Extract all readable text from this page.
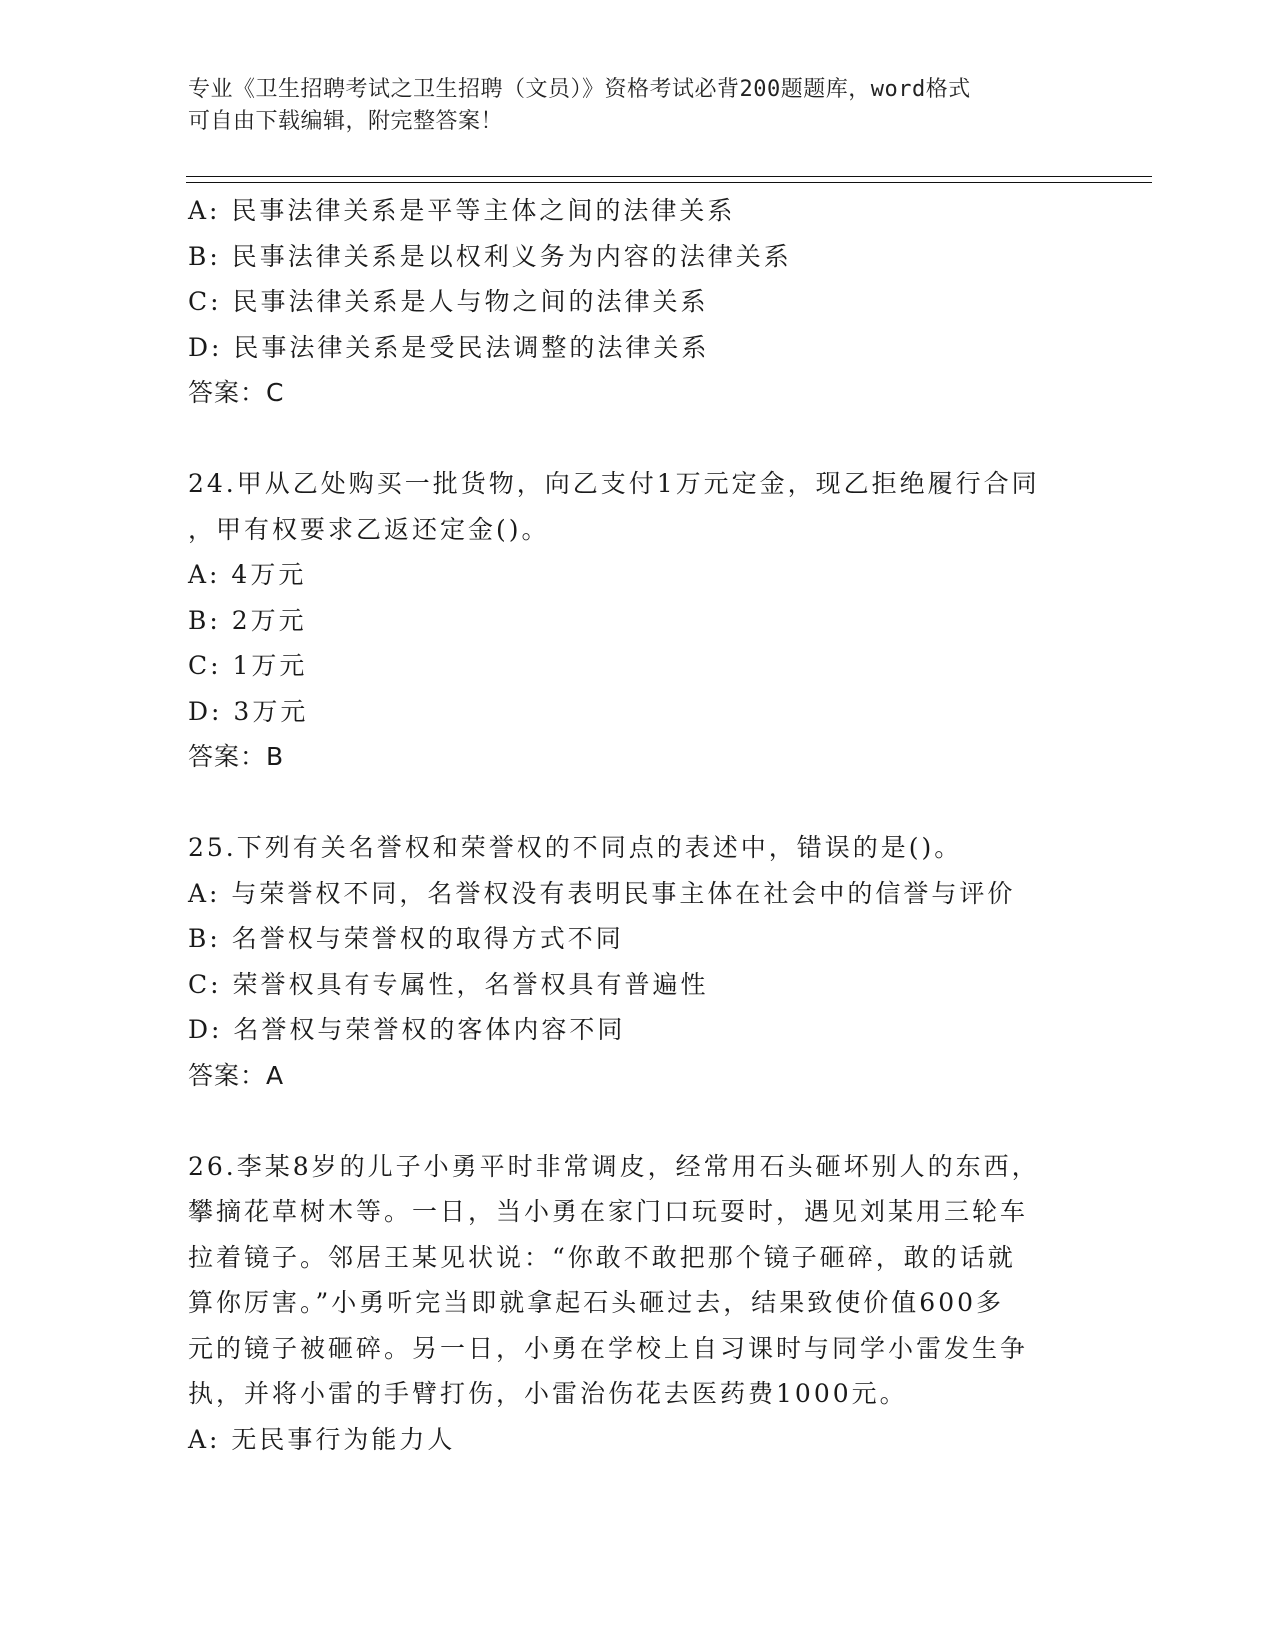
专业《卫生招聘考试之卫生招聘（文员）》资格考试必背200题题库，word格式

可自由下载编辑，附完整答案！

A: 民事法律关系是平等主体之间的法律关系
B: 民事法律关系是以权利义务为内容的法律关系
C: 民事法律关系是人与物之间的法律关系
D: 民事法律关系是受民法调整的法律关系
答案：C
24.甲从乙处购买一批货物，向乙支付1万元定金，现乙拒绝履行合同
，甲有权要求乙返还定金()。
A: 4万元
B: 2万元
C: 1万元
D: 3万元
答案：B
25.下列有关名誉权和荣誉权的不同点的表述中，错误的是()。
A: 与荣誉权不同，名誉权没有表明民事主体在社会中的信誉与评价
B: 名誉权与荣誉权的取得方式不同
C: 荣誉权具有专属性，名誉权具有普遍性
D: 名誉权与荣誉权的客体内容不同
答案：A
26.李某8岁的儿子小勇平时非常调皮，经常用石头砸坏别人的东西，
攀摘花草树木等。一日，当小勇在家门口玩耍时，遇见刘某用三轮车
拉着镜子。邻居王某见状说：“你敢不敢把那个镜子砸碎，敢的话就
算你厉害。”小勇听完当即就拿起石头砸过去，结果致使价值600多
元的镜子被砸碎。另一日，小勇在学校上自习课时与同学小雷发生争
执，并将小雷的手臂打伤，小雷治伤花去医药费1000元。
A: 无民事行为能力人
